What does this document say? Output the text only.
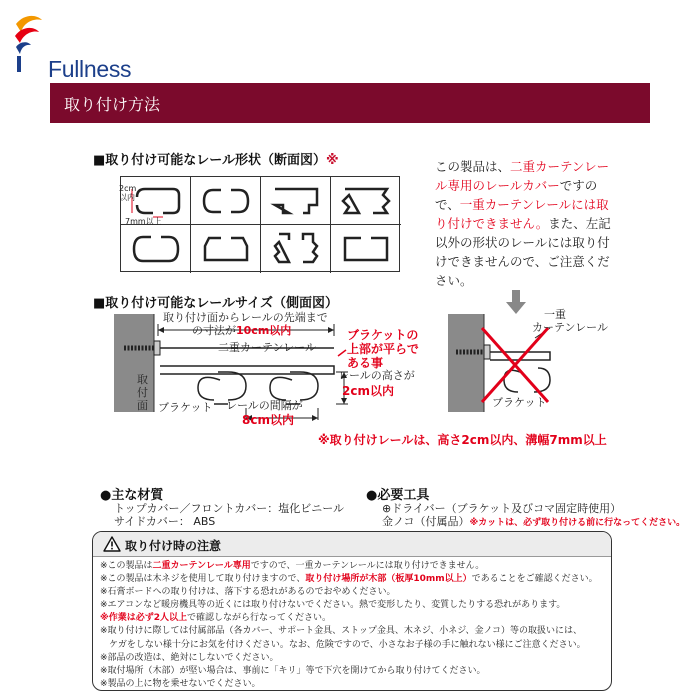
Fullness
取り付け方法
■取り付け可能なレール形状（断面図）※
2cm以内
7mm以上
この製品は、二重カーテンレール専用のレールカバーですので、一重カーテンレールには取り付けできません。また、左記以外の形状のレールには取り付けできませんので、ご注意ください。
■取り付け可能なレールサイズ（側面図）
取り付け面からレールの先端まで
の寸法が10cm以内
二重カーテンレール
取付面 ブラケット レールの間隔が
8cm以内
レールの高さが
2cm以内
ブラケットの
上部が平らで
ある事
一重
カーテンレール
ブラケット
※取り付けレールは、高さ2cm以内、溝幅7mm以上
●主な材質
トップカバー／フロントカバー：塩化ビニール
サイドカバー： ABS
●必要工具
⊕ドライバー（ブラケット及びコマ固定時使用）
金ノコ（付属品）※カットは、必ず取り付ける前に行なってください。
取り付け時の注意
※この製品は二重カーテンレール専用ですので、一重カーテンレールには取り付けできません。
※この製品は木ネジを使用して取り付けますので、取り付け場所が木部（板厚10mm以上）であることをご確認ください。
※石膏ボードへの取り付けは、落下する恐れがあるのでおやめください。
※エアコンなど暖房機具等の近くには取り付けないでください。熱で変形したり、変質したりする恐れがあります。
※作業は必ず2人以上で確認しながら行なってください。
※取り付けに際しては付属部品（各カバー、サポート金具、ストップ金具、木ネジ、小ネジ、金ノコ）等の取扱いには、
　ケガをしない様十分にお気を付けください。なお、危険ですので、小さなお子様の手に触れない様にご注意ください。
※部品の改造は、絶対にしないでください。
※取付場所（木部）が堅い場合は、事前に「キリ」等で下穴を開けてから取り付けてください。
※製品の上に物を乗せないでください。
